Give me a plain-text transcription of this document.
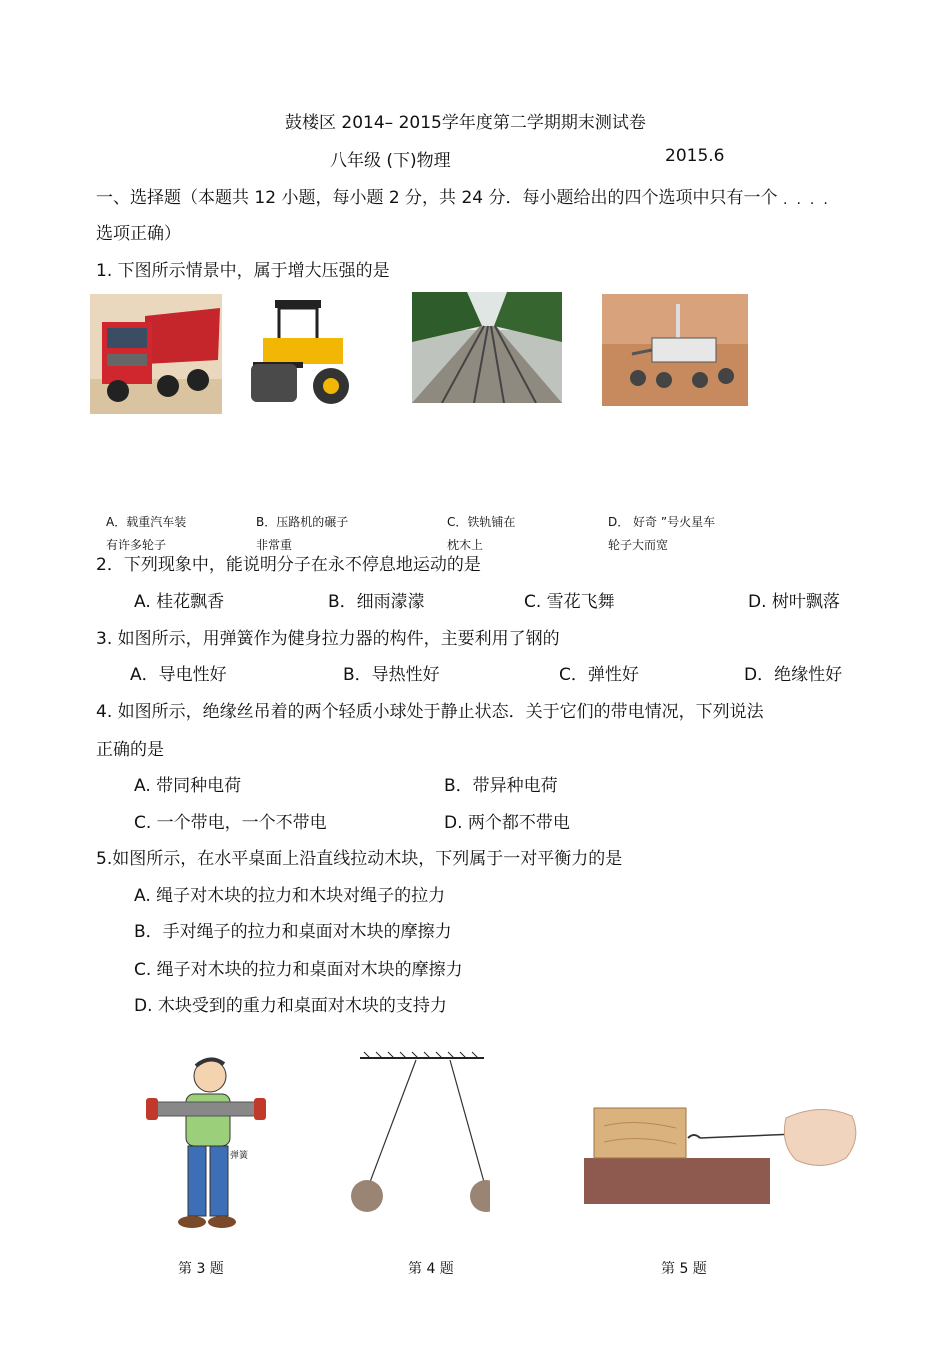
鼓楼区 2014– 2015学年度第二学期期末测试卷
八年级 (下)物理	2015.6
一、选择题（本题共 12 小题，每小题 2 分，共 24 分．每小题给出的四个选项中只有一个 ····
选项正确）
1. 下图所示情景中，属于增大压强的是
A．载重汽车装
有许多轮子
B．压路机的碾子
非常重
C．铁轨铺在
枕木上
D． 好奇 ”号火星车
轮子大而宽
2．下列现象中，能说明分子在永不停息地运动的是
A. 桂花飘香	B．细雨濛濛	C. 雪花飞舞	D. 树叶飘落
3. 如图所示，用弹簧作为健身拉力器的构件，主要利用了钢的
A．导电性好	B．导热性好	C．弹性好	D．绝缘性好
4. 如图所示，绝缘丝吊着的两个轻质小球处于静止状态．关于它们的带电情况，下列说法
正确的是
A. 带同种电荷	B．带异种电荷
C. 一个带电，一个不带电	D. 两个都不带电
5.如图所示，在水平桌面上沿直线拉动木块，下列属于一对平衡力的是
A. 绳子对木块的拉力和木块对绳子的拉力
B．手对绳子的拉力和桌面对木块的摩擦力
C. 绳子对木块的拉力和桌面对木块的摩擦力
D. 木块受到的重力和桌面对木块的支持力
弹簧
第 3 题	第 4 题	第 5 题
